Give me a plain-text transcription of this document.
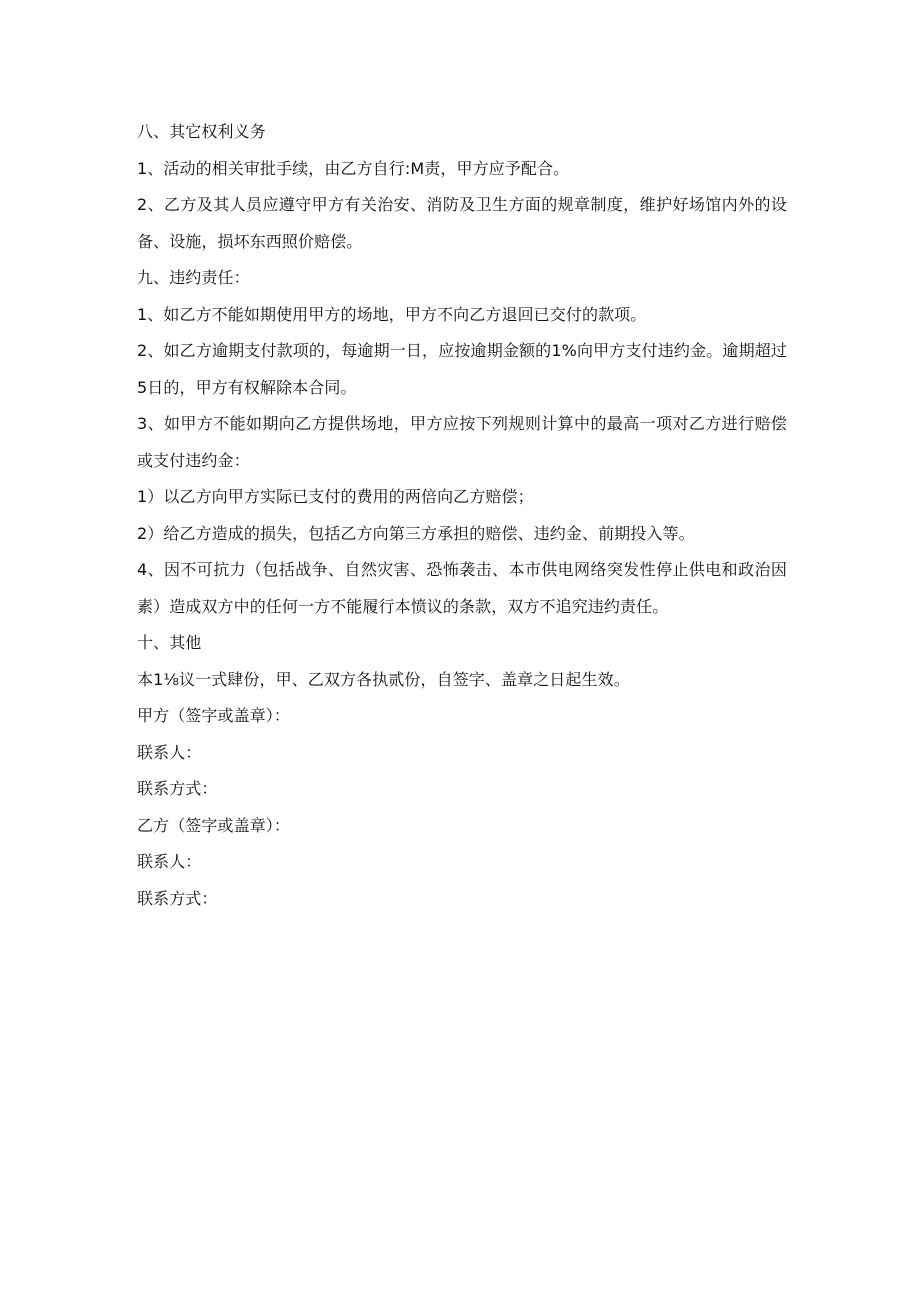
八、其它权利义务
1、活动的相关审批手续，由乙方自行:M责，甲方应予配合。
2、乙方及其人员应遵守甲方有关治安、消防及卫生方面的规章制度，维护好场馆内外的设备、设施，损坏东西照价赔偿。
九、违约责任：
1、如乙方不能如期使用甲方的场地，甲方不向乙方退回已交付的款项。
2、如乙方逾期支付款项的，每逾期一日，应按逾期金额的1%向甲方支付违约金。逾期超过5日的，甲方有权解除本合同。
3、如甲方不能如期向乙方提供场地，甲方应按下列规则计算中的最高一项对乙方进行赔偿或支付违约金：
1）以乙方向甲方实际已支付的费用的两倍向乙方赔偿；
2）给乙方造成的损失，包括乙方向第三方承担的赔偿、违约金、前期投入等。
4、因不可抗力（包括战争、自然灾害、恐怖袭击、本市供电网络突发性停止供电和政治因素）造成双方中的任何一方不能履行本愤议的条款，双方不追究违约责任。
十、其他
本1⅛议一式肆份，甲、乙双方各执贰份，自签字、盖章之日起生效。
甲方（签字或盖章）：
联系人：
联系方式：
乙方（签字或盖章）：
联系人：
联系方式：
